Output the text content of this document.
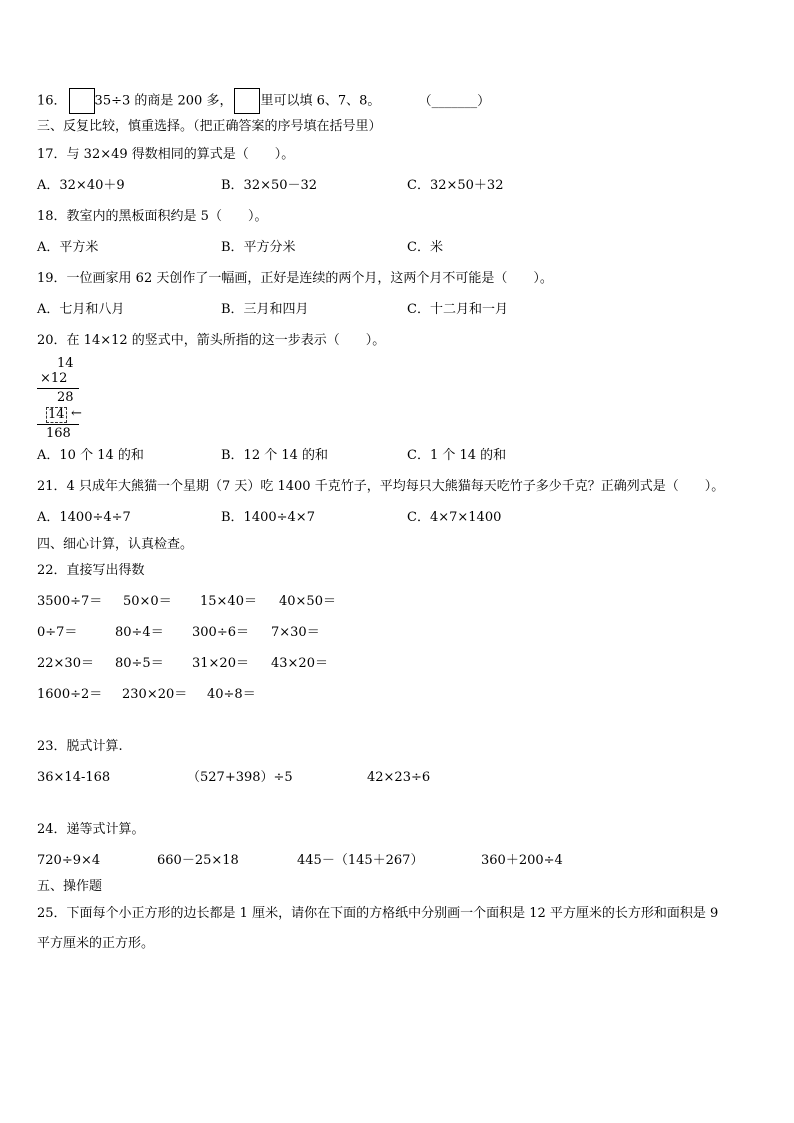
16． 35÷3 的商是 200 多， 里可以填 6、7、8。	（_______）
三、反复比较，慎重选择。（把正确答案的序号填在括号里）
17．与 32×49 得数相同的算式是（　　）。
A．32×40＋9	B．32×50－32	C．32×50＋32
18．教室内的黑板面积约是 5（　　）。
A．平方米	B．平方分米	C．米
19．一位画家用 62 天创作了一幅画，正好是连续的两个月，这两个月不可能是（　　）。
A．七月和八月	B．三月和四月	C．十二月和一月
20．在 14×12 的竖式中，箭头所指的这一步表示（　　）。
14
×12
28
14 ←
168
A．10 个 14 的和	B．12 个 14 的和	C．1 个 14 的和
21．4 只成年大熊猫一个星期（7 天）吃 1400 千克竹子，平均每只大熊猫每天吃竹子多少千克？正确列式是（　　）。
A．1400÷4÷7	B．1400÷4×7	C．4×7×1400
四、细心计算，认真检查。
22．直接写出得数
3500÷7＝ 50×0＝ 15×40＝ 40×50＝
0÷7＝	80÷4＝ 300÷6＝ 7×30＝
22×30＝ 80÷5＝ 31×20＝ 43×20＝
1600÷2＝ 230×20＝ 40÷8＝
23．脱式计算.
36×14-168	（527+398）÷5	42×23÷6
24．递等式计算。
720÷9×4	660－25×18	445－（145＋267）	360＋200÷4
五、操作题
25．下面每个小正方形的边长都是 1 厘米，请你在下面的方格纸中分别画一个面积是 12 平方厘米的长方形和面积是 9
平方厘米的正方形。
